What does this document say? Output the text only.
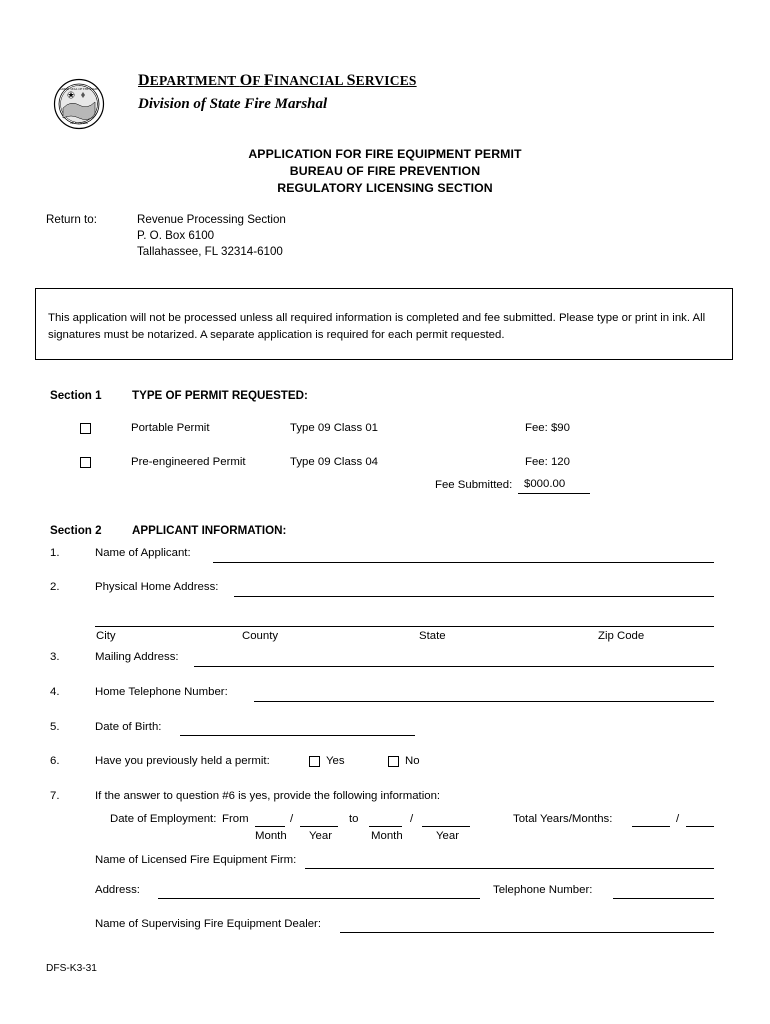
GREAT SEAL OF THE STATE
OF FLORIDA
DEPARTMENT OF FINANCIAL SERVICES
Division of State Fire Marshal
APPLICATION FOR FIRE EQUIPMENT PERMIT
BUREAU OF FIRE PREVENTION
REGULATORY LICENSING SECTION
Return to:	Revenue Processing Section
P. O. Box 6100
Tallahassee, FL 32314-6100

This application will not be processed unless all required information is completed and fee submitted. Please type or print in ink. All signatures must be notarized. A separate application is required for each permit requested.

Section 1	TYPE OF PERMIT REQUESTED:
Portable Permit	Type 09 Class 01	Fee: $90
Pre-engineered Permit	Type 09 Class 04	Fee: 120
Fee Submitted: $000.00
Section 2	APPLICANT INFORMATION:
1.	Name of Applicant:
2.	Physical Home Address:
City	County	State	Zip Code
3.	Mailing Address:
4.	Home Telephone Number:
5.	Date of Birth:
6.	Have you previously held a permit:	Yes	No
7.	If the answer to question #6 is yes, provide the following information:
Date of Employment: From	/	to	/	Total Years/Months:	/
Month Year	Month	Year
Name of Licensed Fire Equipment Firm:
Address:	Telephone Number:
Name of Supervising Fire Equipment Dealer:
DFS-K3-31
